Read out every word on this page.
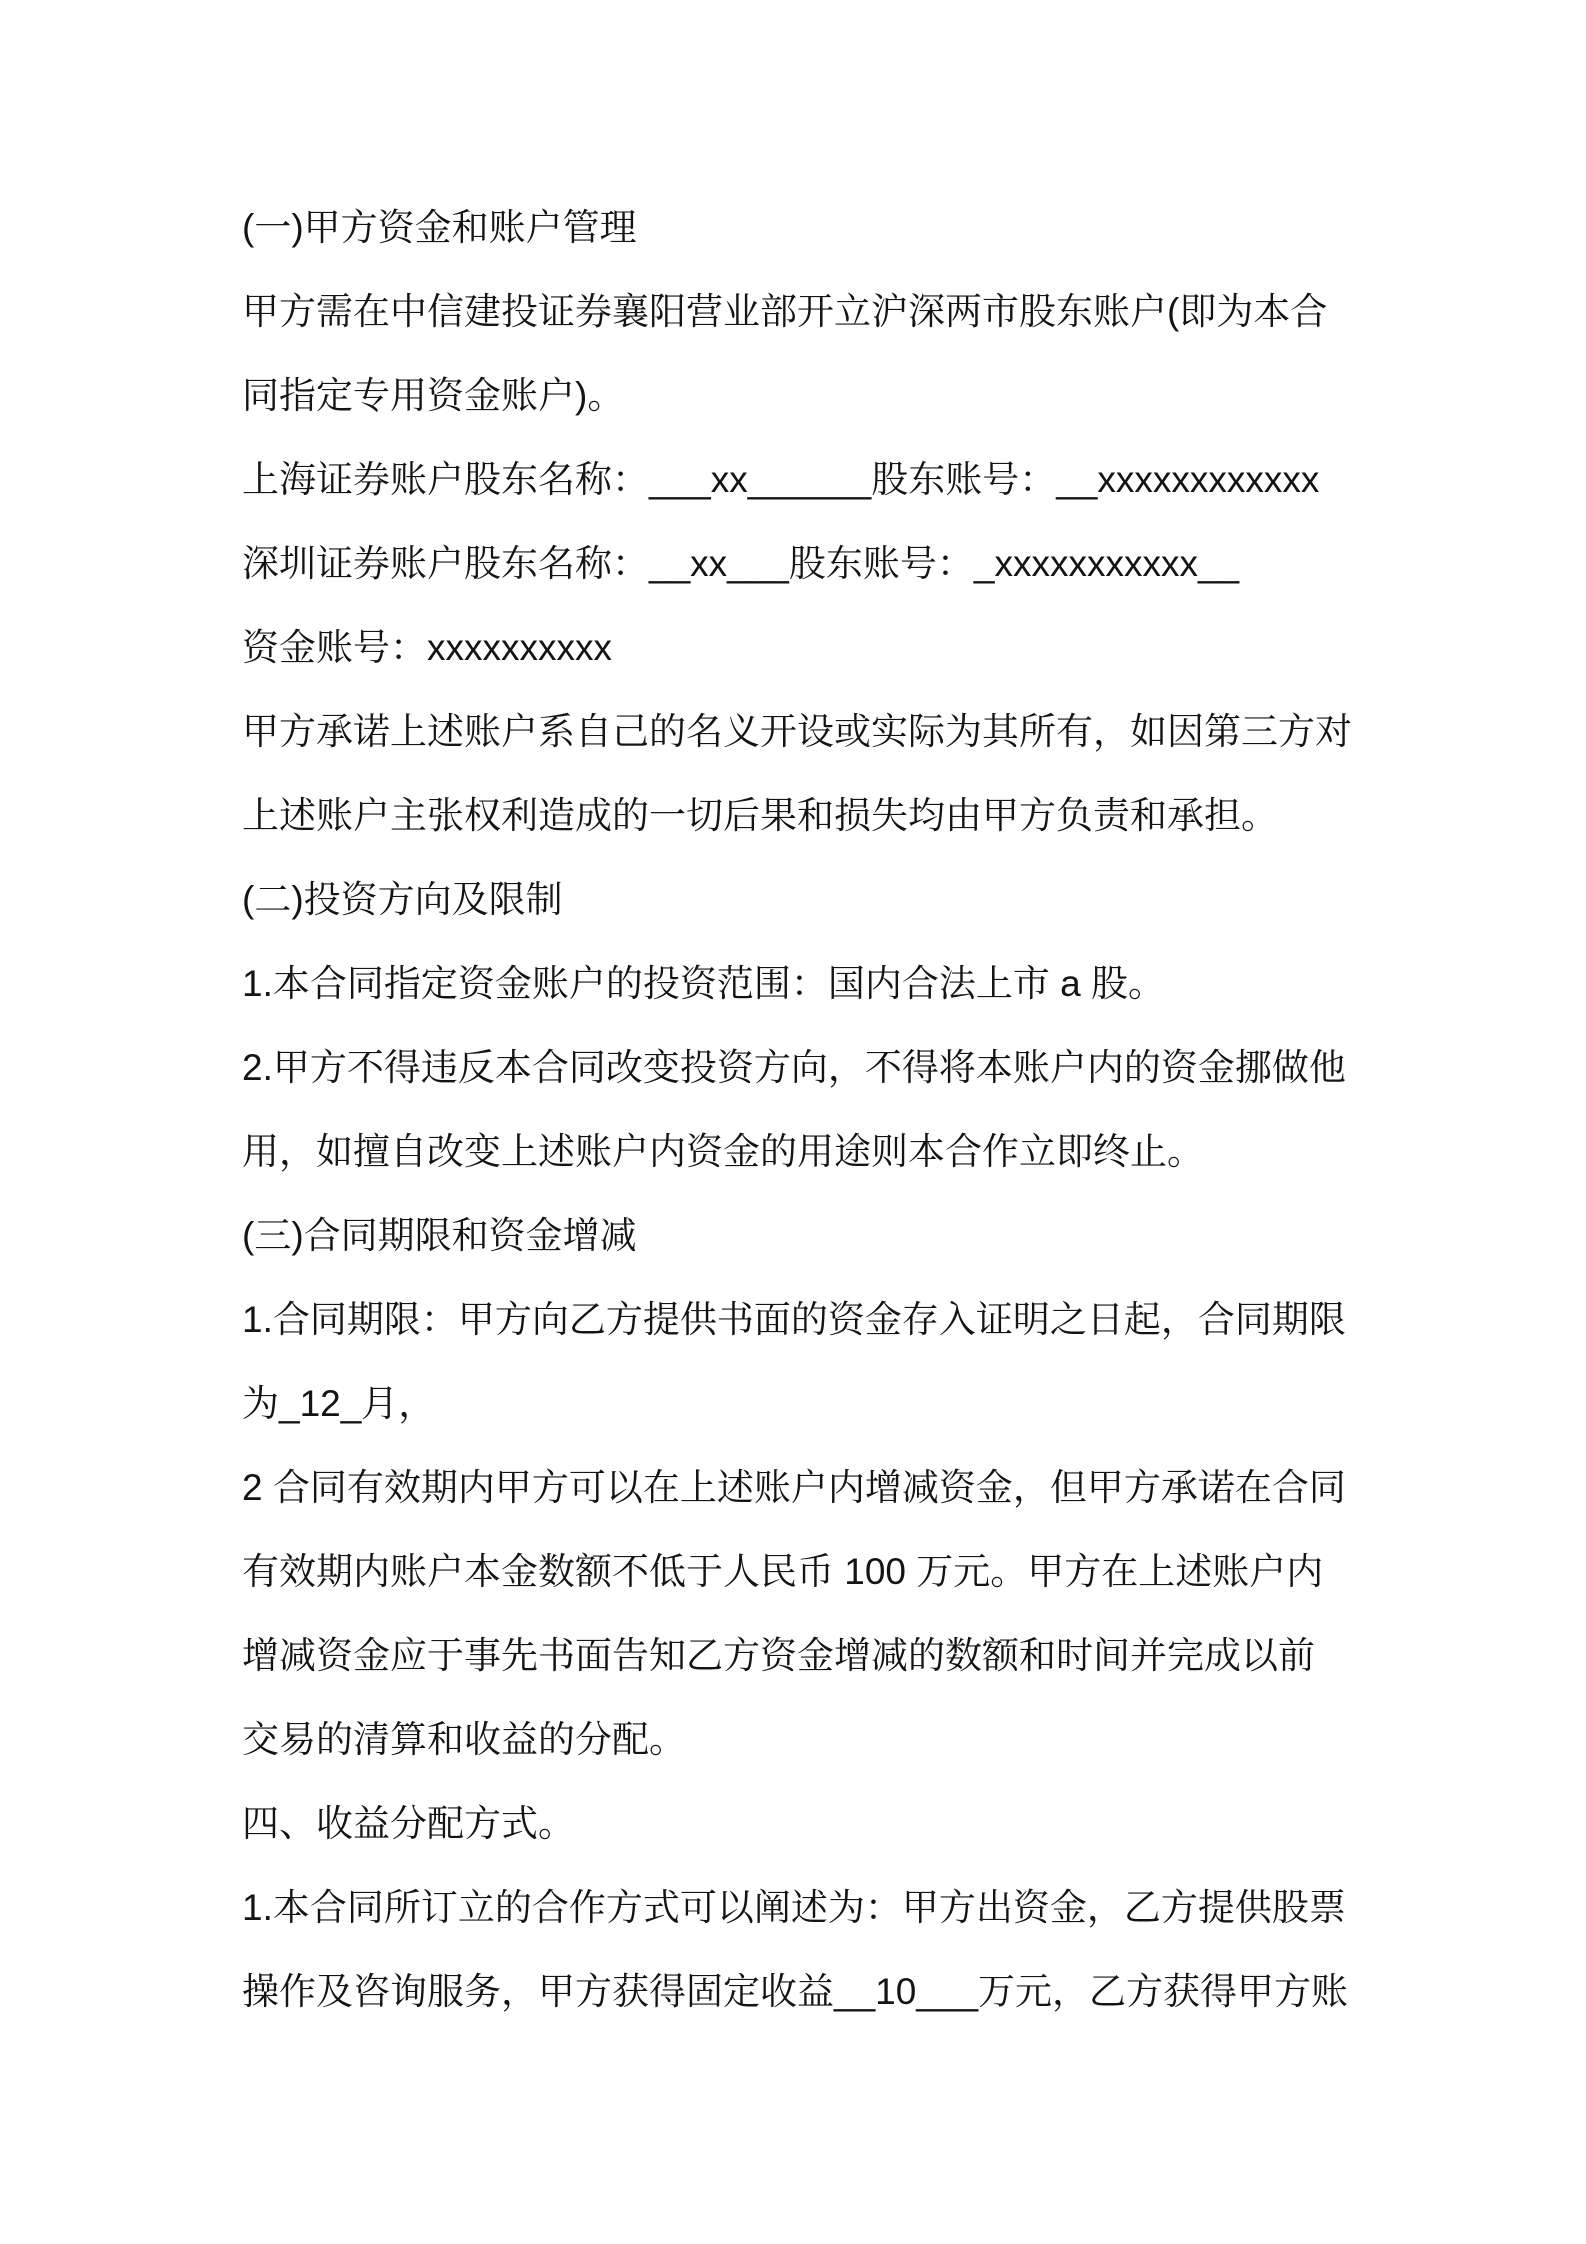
(一)甲方资金和账户管理
甲方需在中信建投证券襄阳营业部开立沪深两市股东账户(即为本合
同指定专用资金账户)。
上海证券账户股东名称：___xx______股东账号：__xxxxxxxxxxxx
深圳证券账户股东名称：__xx___股东账号：_xxxxxxxxxxx__
资金账号：xxxxxxxxxx
甲方承诺上述账户系自己的名义开设或实际为其所有，如因第三方对
上述账户主张权利造成的一切后果和损失均由甲方负责和承担。
(二)投资方向及限制
1.本合同指定资金账户的投资范围：国内合法上市 a 股。
2.甲方不得违反本合同改变投资方向，不得将本账户内的资金挪做他
用，如擅自改变上述账户内资金的用途则本合作立即终止。
(三)合同期限和资金增减
1.合同期限：甲方向乙方提供书面的资金存入证明之日起，合同期限
为_12_月，
2 合同有效期内甲方可以在上述账户内增减资金，但甲方承诺在合同
有效期内账户本金数额不低于人民币 100 万元。甲方在上述账户内
增减资金应于事先书面告知乙方资金增减的数额和时间并完成以前
交易的清算和收益的分配。
四、收益分配方式。
1.本合同所订立的合作方式可以阐述为：甲方出资金，乙方提供股票
操作及咨询服务，甲方获得固定收益__10___万元，乙方获得甲方账
